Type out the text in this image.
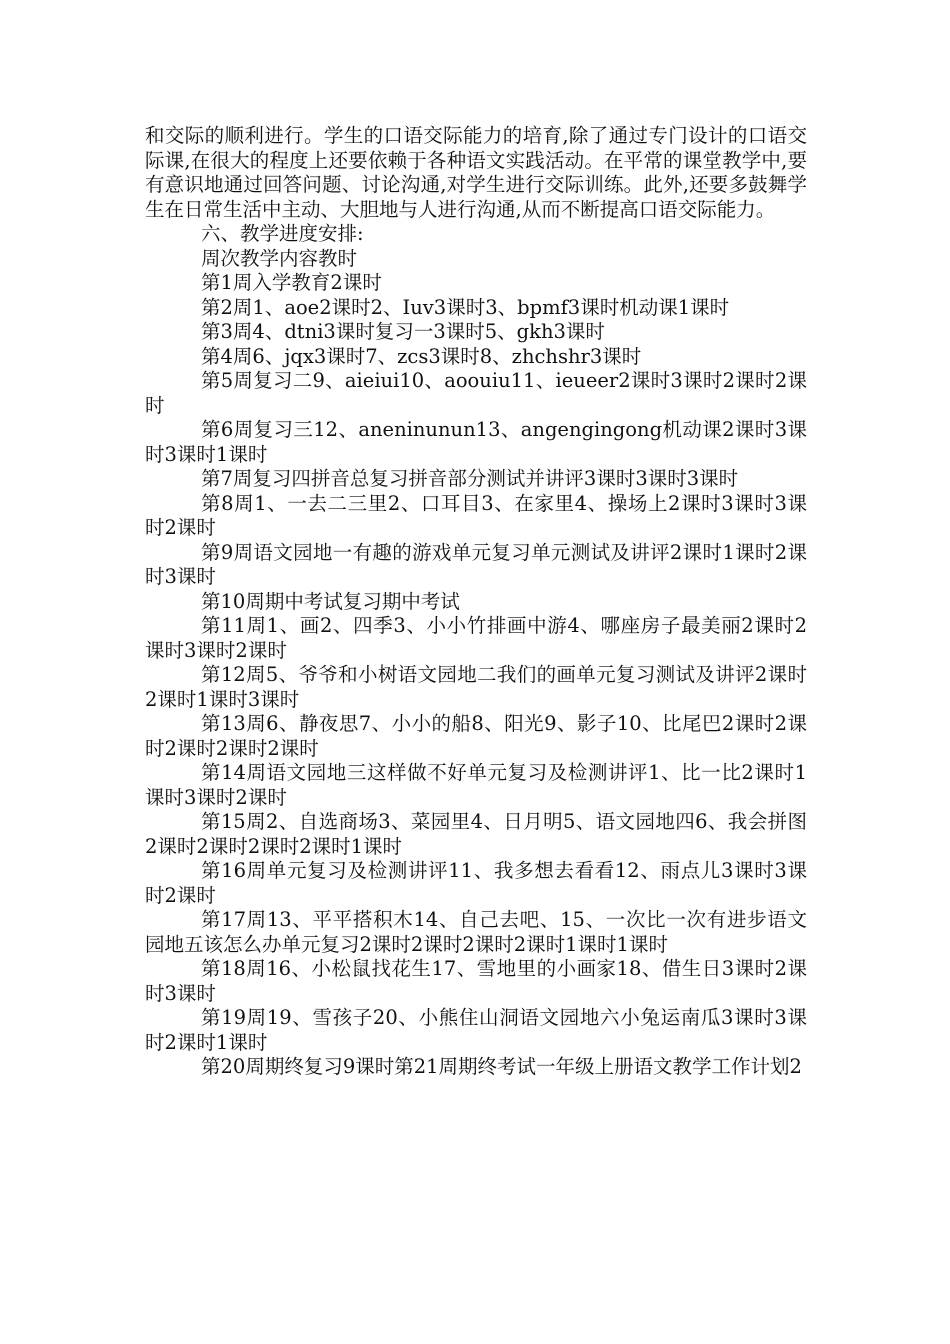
和交际的顺利进行。学生的口语交际能力的培育,除了通过专门设计的口语交际课,在很大的程度上还要依赖于各种语文实践活动。在平常的课堂教学中,要有意识地通过回答问题、讨论沟通,对学生进行交际训练。此外,还要多鼓舞学生在日常生活中主动、大胆地与人进行沟通,从而不断提高口语交际能力。

六、教学进度安排:

周次教学内容教时

第1周入学教育2课时

第2周1、aoe2课时2、Iuv3课时3、bpmf3课时机动课1课时

第3周4、dtni3课时复习一3课时5、gkh3课时

第4周6、jqx3课时7、zcs3课时8、zhchshr3课时

第5周复习二9、aieiui10、aoouiu11、ieueer2课时3课时2课时2课时

第6周复习三12、aneninunun13、angengingong机动课2课时3课时3课时1课时

第7周复习四拼音总复习拼音部分测试并讲评3课时3课时3课时

第8周1、一去二三里2、口耳目3、在家里4、操场上2课时3课时3课时2课时

第9周语文园地一有趣的游戏单元复习单元测试及讲评2课时1课时2课时3课时

第10周期中考试复习期中考试

第11周1、画2、四季3、小小竹排画中游4、哪座房子最美丽2课时2课时3课时2课时

第12周5、爷爷和小树语文园地二我们的画单元复习测试及讲评2课时2课时1课时3课时

第13周6、静夜思7、小小的船8、阳光9、影子10、比尾巴2课时2课时2课时2课时2课时

第14周语文园地三这样做不好单元复习及检测讲评1、比一比2课时1课时3课时2课时

第15周2、自选商场3、菜园里4、日月明5、语文园地四6、我会拼图2课时2课时2课时2课时1课时

第16周单元复习及检测讲评11、我多想去看看12、雨点儿3课时3课时2课时

第17周13、平平搭积木14、自己去吧、15、一次比一次有进步语文园地五该怎么办单元复习2课时2课时2课时2课时1课时1课时

第18周16、小松鼠找花生17、雪地里的小画家18、借生日3课时2课时3课时

第19周19、雪孩子20、小熊住山洞语文园地六小兔运南瓜3课时3课时2课时1课时

第20周期终复习9课时第21周期终考试一年级上册语文教学工作计划2
